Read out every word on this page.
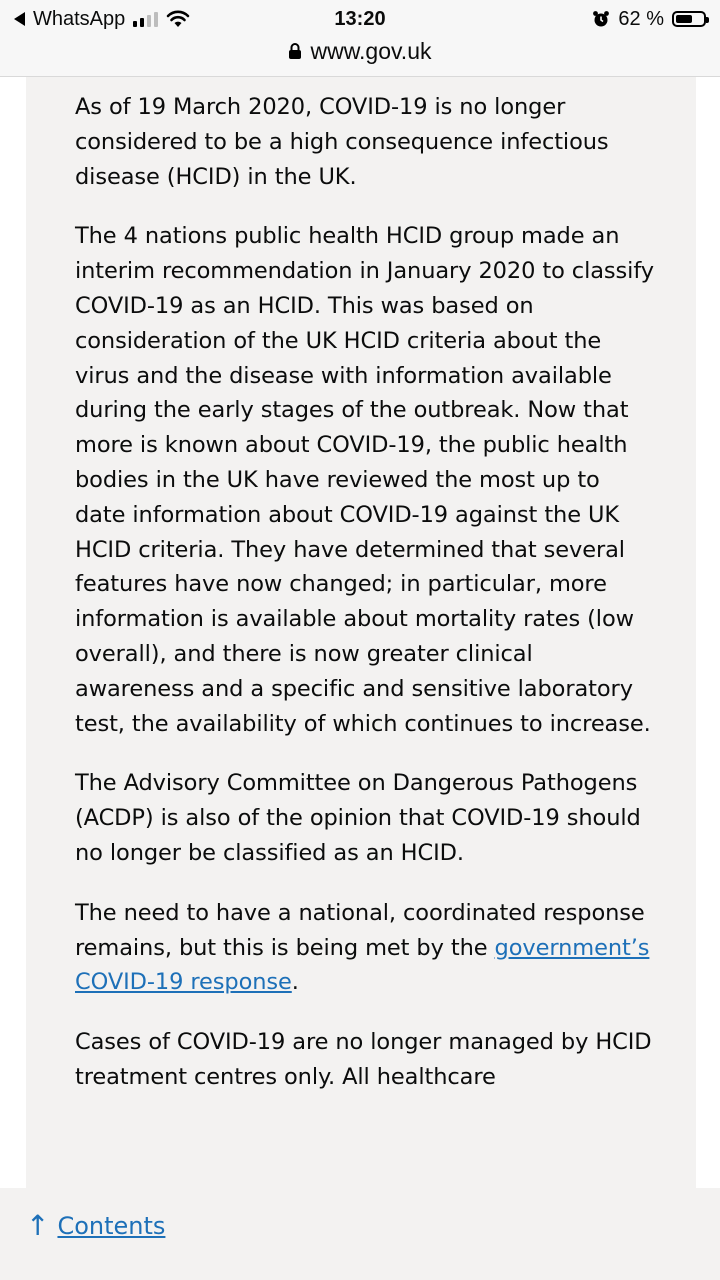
WhatsApp	13:20	62 %
www.gov.uk

As of 19 March 2020, COVID-19 is no longer considered to be a high consequence infectious disease (HCID) in the UK.

The 4 nations public health HCID group made an interim recommendation in January 2020 to classify COVID-19 as an HCID. This was based on consideration of the UK HCID criteria about the virus and the disease with information available during the early stages of the outbreak. Now that more is known about COVID-19, the public health bodies in the UK have reviewed the most up to date information about COVID-19 against the UK HCID criteria. They have determined that several features have now changed; in particular, more information is available about mortality rates (low overall), and there is now greater clinical awareness and a specific and sensitive laboratory test, the availability of which continues to increase.

The Advisory Committee on Dangerous Pathogens (ACDP) is also of the opinion that COVID-19 should no longer be classified as an HCID.

The need to have a national, coordinated response remains, but this is being met by the government’s COVID-19 response.

Cases of COVID-19 are no longer managed by HCID treatment centres only. All healthcare

↑ Contents
